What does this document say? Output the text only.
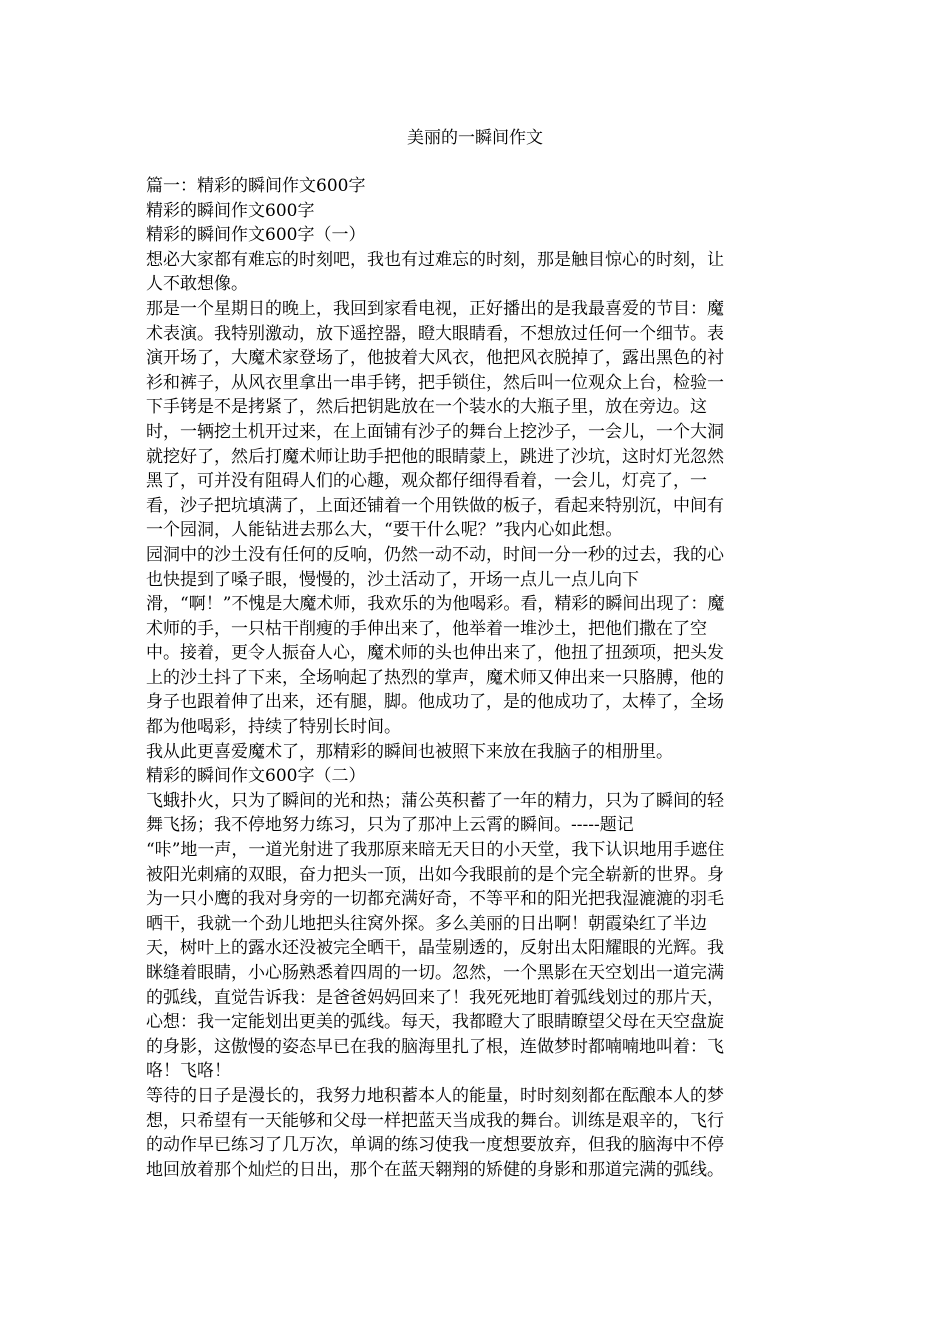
美丽的一瞬间作文
篇一：精彩的瞬间作文600字
精彩的瞬间作文600字
精彩的瞬间作文600字（一）
想必大家都有难忘的时刻吧，我也有过难忘的时刻，那是触目惊心的时刻，让
人不敢想像。
那是一个星期日的晚上，我回到家看电视，正好播出的是我最喜爱的节目：魔
术表演。我特别激动，放下遥控器，瞪大眼睛看，不想放过任何一个细节。表
演开场了，大魔术家登场了，他披着大风衣，他把风衣脱掉了，露出黑色的衬
衫和裤子，从风衣里拿出一串手铐，把手锁住，然后叫一位观众上台，检验一
下手铐是不是拷紧了，然后把钥匙放在一个装水的大瓶子里，放在旁边。这
时，一辆挖土机开过来，在上面铺有沙子的舞台上挖沙子，一会儿，一个大洞
就挖好了，然后打魔术师让助手把他的眼睛蒙上，跳进了沙坑，这时灯光忽然
黑了，可并没有阻碍人们的心趣，观众都仔细得看着，一会儿，灯亮了，一
看，沙子把坑填满了，上面还铺着一个用铁做的板子，看起来特别沉，中间有
一个园洞，人能钻进去那么大，“要干什么呢？”我内心如此想。
园洞中的沙土没有任何的反响，仍然一动不动，时间一分一秒的过去，我的心
也快提到了嗓子眼，慢慢的，沙土活动了，开场一点儿一点儿向下
滑，“啊！”不愧是大魔术师，我欢乐的为他喝彩。看，精彩的瞬间出现了：魔
术师的手，一只枯干削瘦的手伸出来了，他举着一堆沙土，把他们撒在了空
中。接着，更令人振奋人心，魔术师的头也伸出来了，他扭了扭颈项，把头发
上的沙土抖了下来，全场响起了热烈的掌声，魔术师又伸出来一只胳膊，他的
身子也跟着伸了出来，还有腿，脚。他成功了，是的他成功了，太棒了，全场
都为他喝彩，持续了特别长时间。
我从此更喜爱魔术了，那精彩的瞬间也被照下来放在我脑子的相册里。
精彩的瞬间作文600字（二）
飞蛾扑火，只为了瞬间的光和热；蒲公英积蓄了一年的精力，只为了瞬间的轻
舞飞扬；我不停地努力练习，只为了那冲上云霄的瞬间。-----题记
“咔”地一声，一道光射进了我那原来暗无天日的小天堂，我下认识地用手遮住
被阳光刺痛的双眼，奋力把头一顶，出如今我眼前的是个完全崭新的世界。身
为一只小鹰的我对身旁的一切都充满好奇，不等平和的阳光把我湿漉漉的羽毛
晒干，我就一个劲儿地把头往窝外探。多么美丽的日出啊！朝霞染红了半边
天，树叶上的露水还没被完全晒干，晶莹剔透的，反射出太阳耀眼的光辉。我
眯缝着眼睛，小心肠熟悉着四周的一切。忽然，一个黑影在天空划出一道完满
的弧线，直觉告诉我：是爸爸妈妈回来了！我死死地盯着弧线划过的那片天，
心想：我一定能划出更美的弧线。每天，我都瞪大了眼睛瞭望父母在天空盘旋
的身影，这傲慢的姿态早已在我的脑海里扎了根，连做梦时都喃喃地叫着：飞
咯！飞咯！
等待的日子是漫长的，我努力地积蓄本人的能量，时时刻刻都在酝酿本人的梦
想，只希望有一天能够和父母一样把蓝天当成我的舞台。训练是艰辛的，飞行
的动作早已练习了几万次，单调的练习使我一度想要放弃，但我的脑海中不停
地回放着那个灿烂的日出，那个在蓝天翱翔的矫健的身影和那道完满的弧线。
